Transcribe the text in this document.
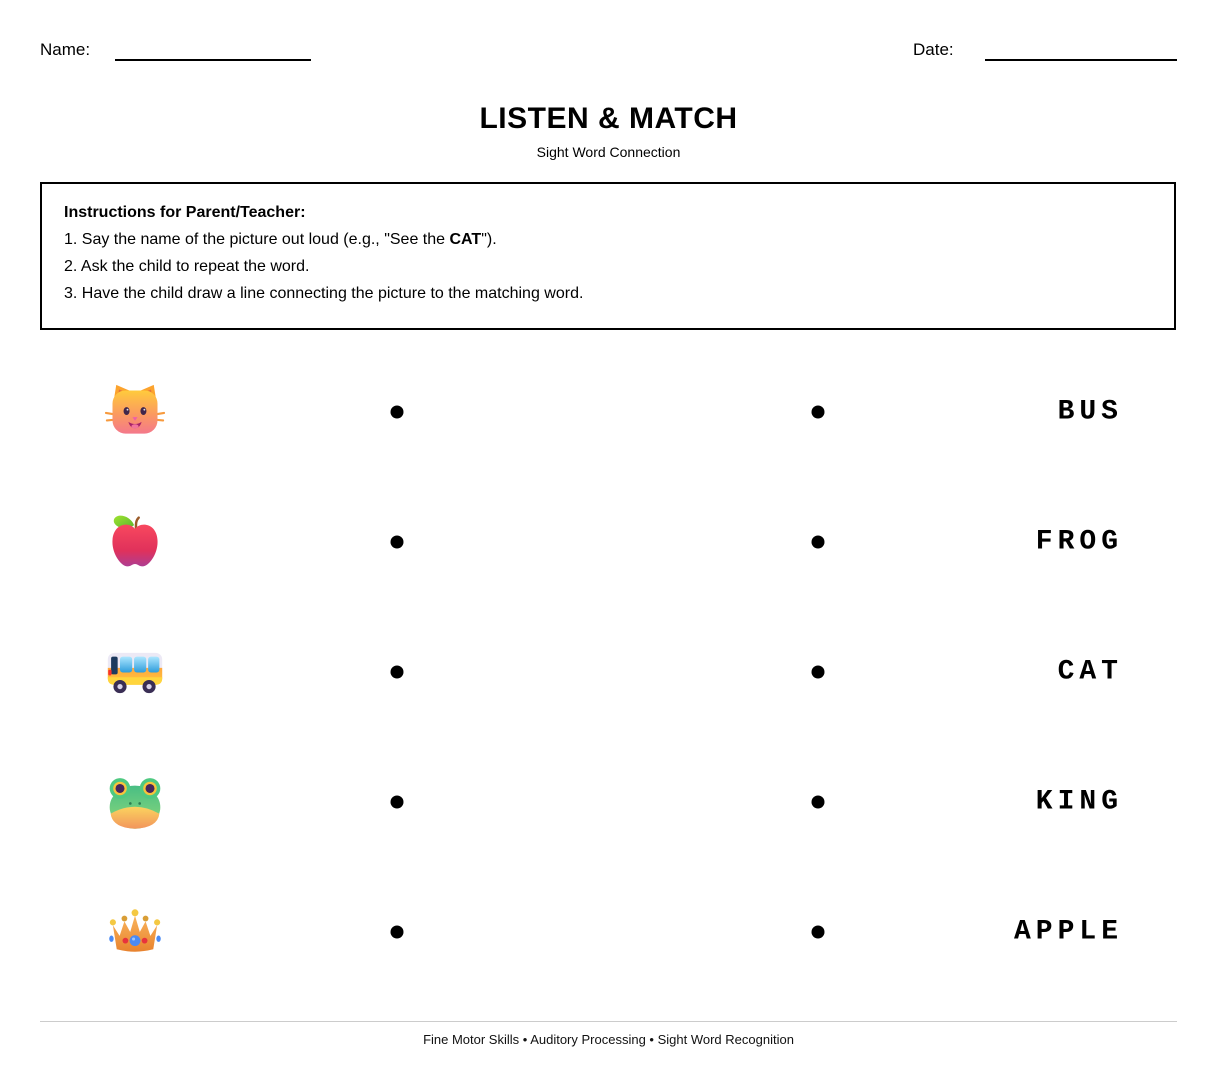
Name:	Date:
LISTEN & MATCH
Sight Word Connection

Instructions for Parent/Teacher:

1. Say the name of the picture out loud (e.g., "See the CAT").

2. Ask the child to repeat the word.

3. Have the child draw a line connecting the picture to the matching word.

BUS
FROG
CAT
KING
APPLE
Fine Motor Skills • Auditory Processing • Sight Word Recognition
